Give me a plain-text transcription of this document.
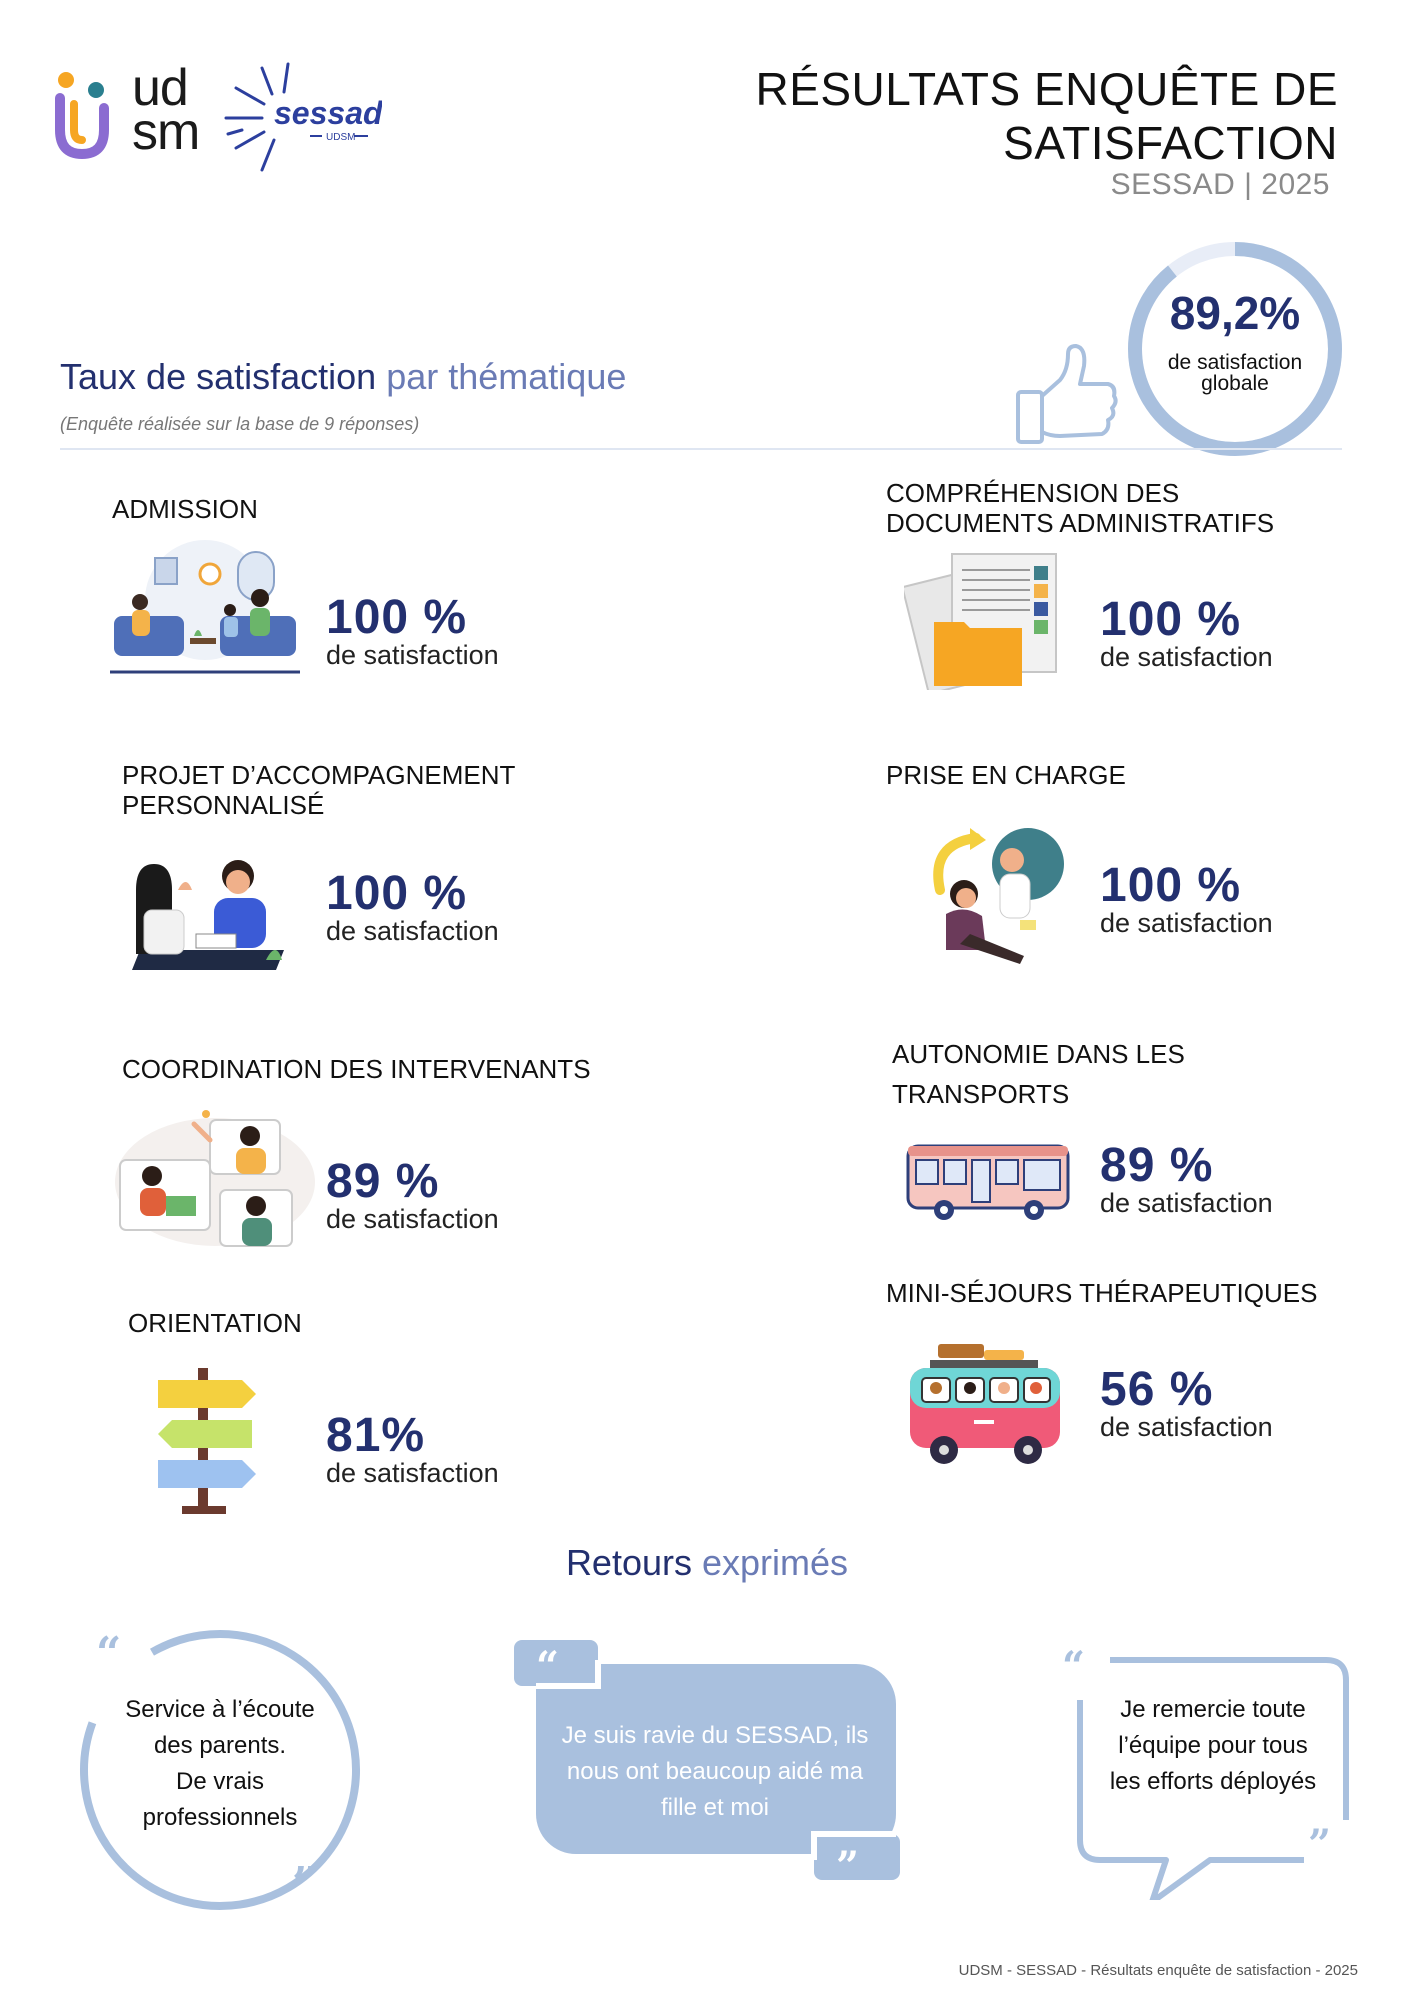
ud
sm sessad
UDSM
RÉSULTATS ENQUÊTE DE
SATISFACTION
SESSAD | 2025
89,2%
de satisfaction
globale
Taux de satisfaction par thématique
(Enquête réalisée sur la base de 9 réponses)
ADMISSION
100 %
de satisfaction
COMPRÉHENSION DES
DOCUMENTS ADMINISTRATIFS
100 %
de satisfaction
PROJET D’ACCOMPAGNEMENT
PERSONNALISÉ
100 %
de satisfaction
PRISE EN CHARGE
100 %
de satisfaction
COORDINATION DES INTERVENANTS
89 %
de satisfaction
AUTONOMIE DANS LES
TRANSPORTS
89 %
de satisfaction
ORIENTATION
81%
de satisfaction
MINI-SÉJOURS THÉRAPEUTIQUES
56 %
de satisfaction
Retours exprimés
“
”
Service à l’écoute
des parents.
De vrais
professionnels
“
”
Je suis ravie du SESSAD, ils
nous ont beaucoup aidé ma
fille et moi
“
”
Je remercie toute
l’équipe pour tous
les efforts déployés
UDSM - SESSAD - Résultats enquête de satisfaction - 2025
